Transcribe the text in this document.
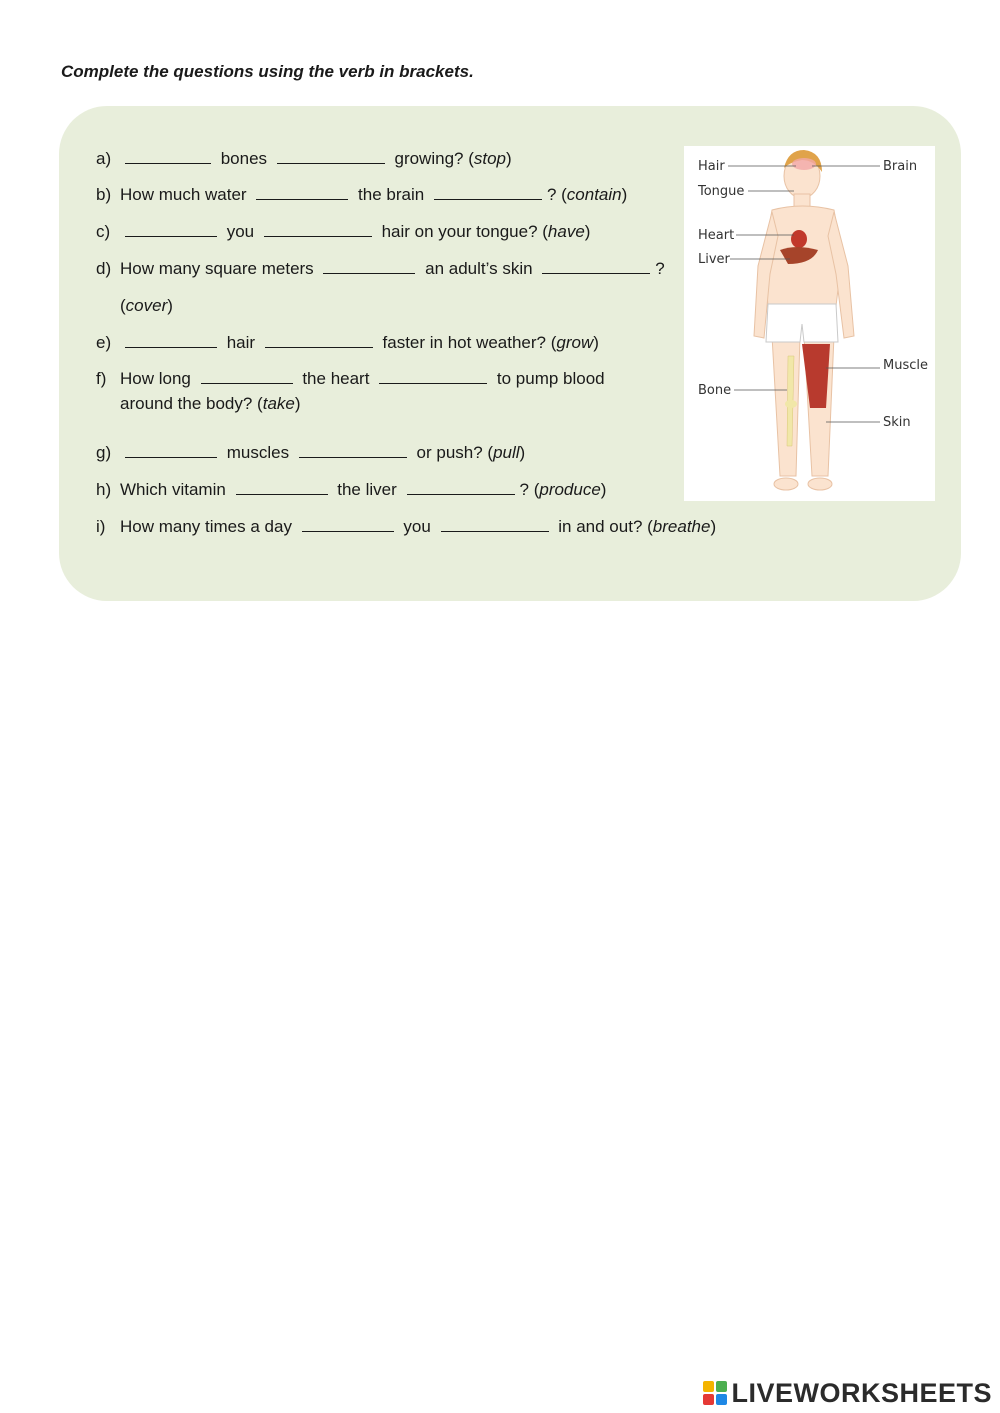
Complete the questions using the verb in brackets.
a)	bones	growing? (stop)
b) How much water	the brain	? (contain)
c)	you	hair on your tongue? (have)
d) How many square meters	an adult’s skin	?
(cover)
e)	hair	faster in hot weather? (grow)
f) How long	the heart	to pump blood
around the body? (take)
g)	muscles	or push? (pull)
h) Which vitamin	the liver	? (produce)
i) How many times a day	you	in and out? (breathe)
Hair
Tongue
Heart
Liver
Bone
Brain
Muscle
Skin
LIVEWORKSHEETS
